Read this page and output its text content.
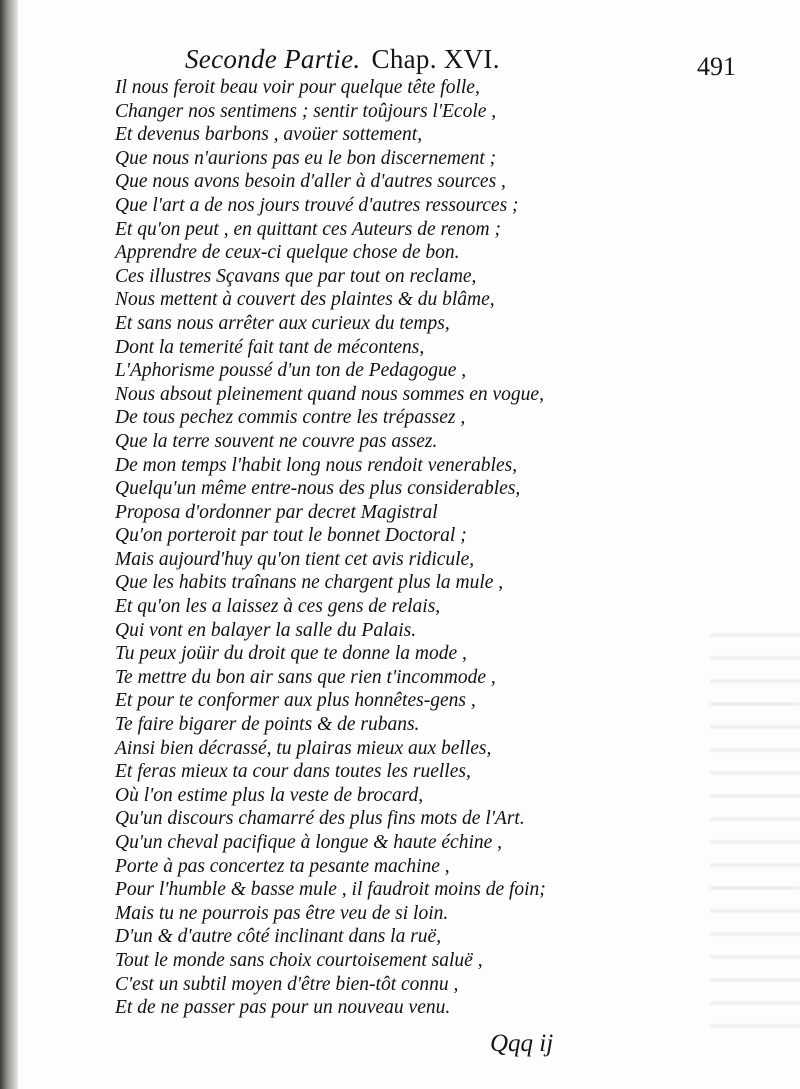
Seconde Partie. Chap. XVI.	491
Il nous feroit beau voir pour quelque tête folle,
Changer nos sentimens ; sentir toûjours l'Ecole ,
Et devenus barbons , avoüer sottement,
Que nous n'aurions pas eu le bon discernement ;
Que nous avons besoin d'aller à d'autres sources ,
Que l'art a de nos jours trouvé d'autres ressources ;
Et qu'on peut , en quittant ces Auteurs de renom ;
Apprendre de ceux-ci quelque chose de bon.
Ces illustres Sçavans que par tout on reclame,
Nous mettent à couvert des plaintes & du blâme,
Et sans nous arrêter aux curieux du temps,
Dont la temerité fait tant de mécontens,
L'Aphorisme poussé d'un ton de Pedagogue ,
Nous absout pleinement quand nous sommes en vogue,
De tous pechez commis contre les trépassez ,
Que la terre souvent ne couvre pas assez.
De mon temps l'habit long nous rendoit venerables,
Quelqu'un même entre-nous des plus considerables,
Proposa d'ordonner par decret Magistral
Qu'on porteroit par tout le bonnet Doctoral ;
Mais aujourd'huy qu'on tient cet avis ridicule,
Que les habits traînans ne chargent plus la mule ,
Et qu'on les a laissez à ces gens de relais,
Qui vont en balayer la salle du Palais.
Tu peux joüir du droit que te donne la mode ,
Te mettre du bon air sans que rien t'incommode ,
Et pour te conformer aux plus honnêtes-gens ,
Te faire bigarer de points & de rubans.
Ainsi bien décrassé, tu plairas mieux aux belles,
Et feras mieux ta cour dans toutes les ruelles,
Où l'on estime plus la veste de brocard,
Qu'un discours chamarré des plus fins mots de l'Art.
Qu'un cheval pacifique à longue & haute échine ,
Porte à pas concertez ta pesante machine ,
Pour l'humble & basse mule , il faudroit moins de foin;
Mais tu ne pourrois pas être veu de si loin.
D'un & d'autre côté inclinant dans la ruë,
Tout le monde sans choix courtoisement saluë ,
C'est un subtil moyen d'être bien-tôt connu ,
Et de ne passer pas pour un nouveau venu.
Qqq ij
